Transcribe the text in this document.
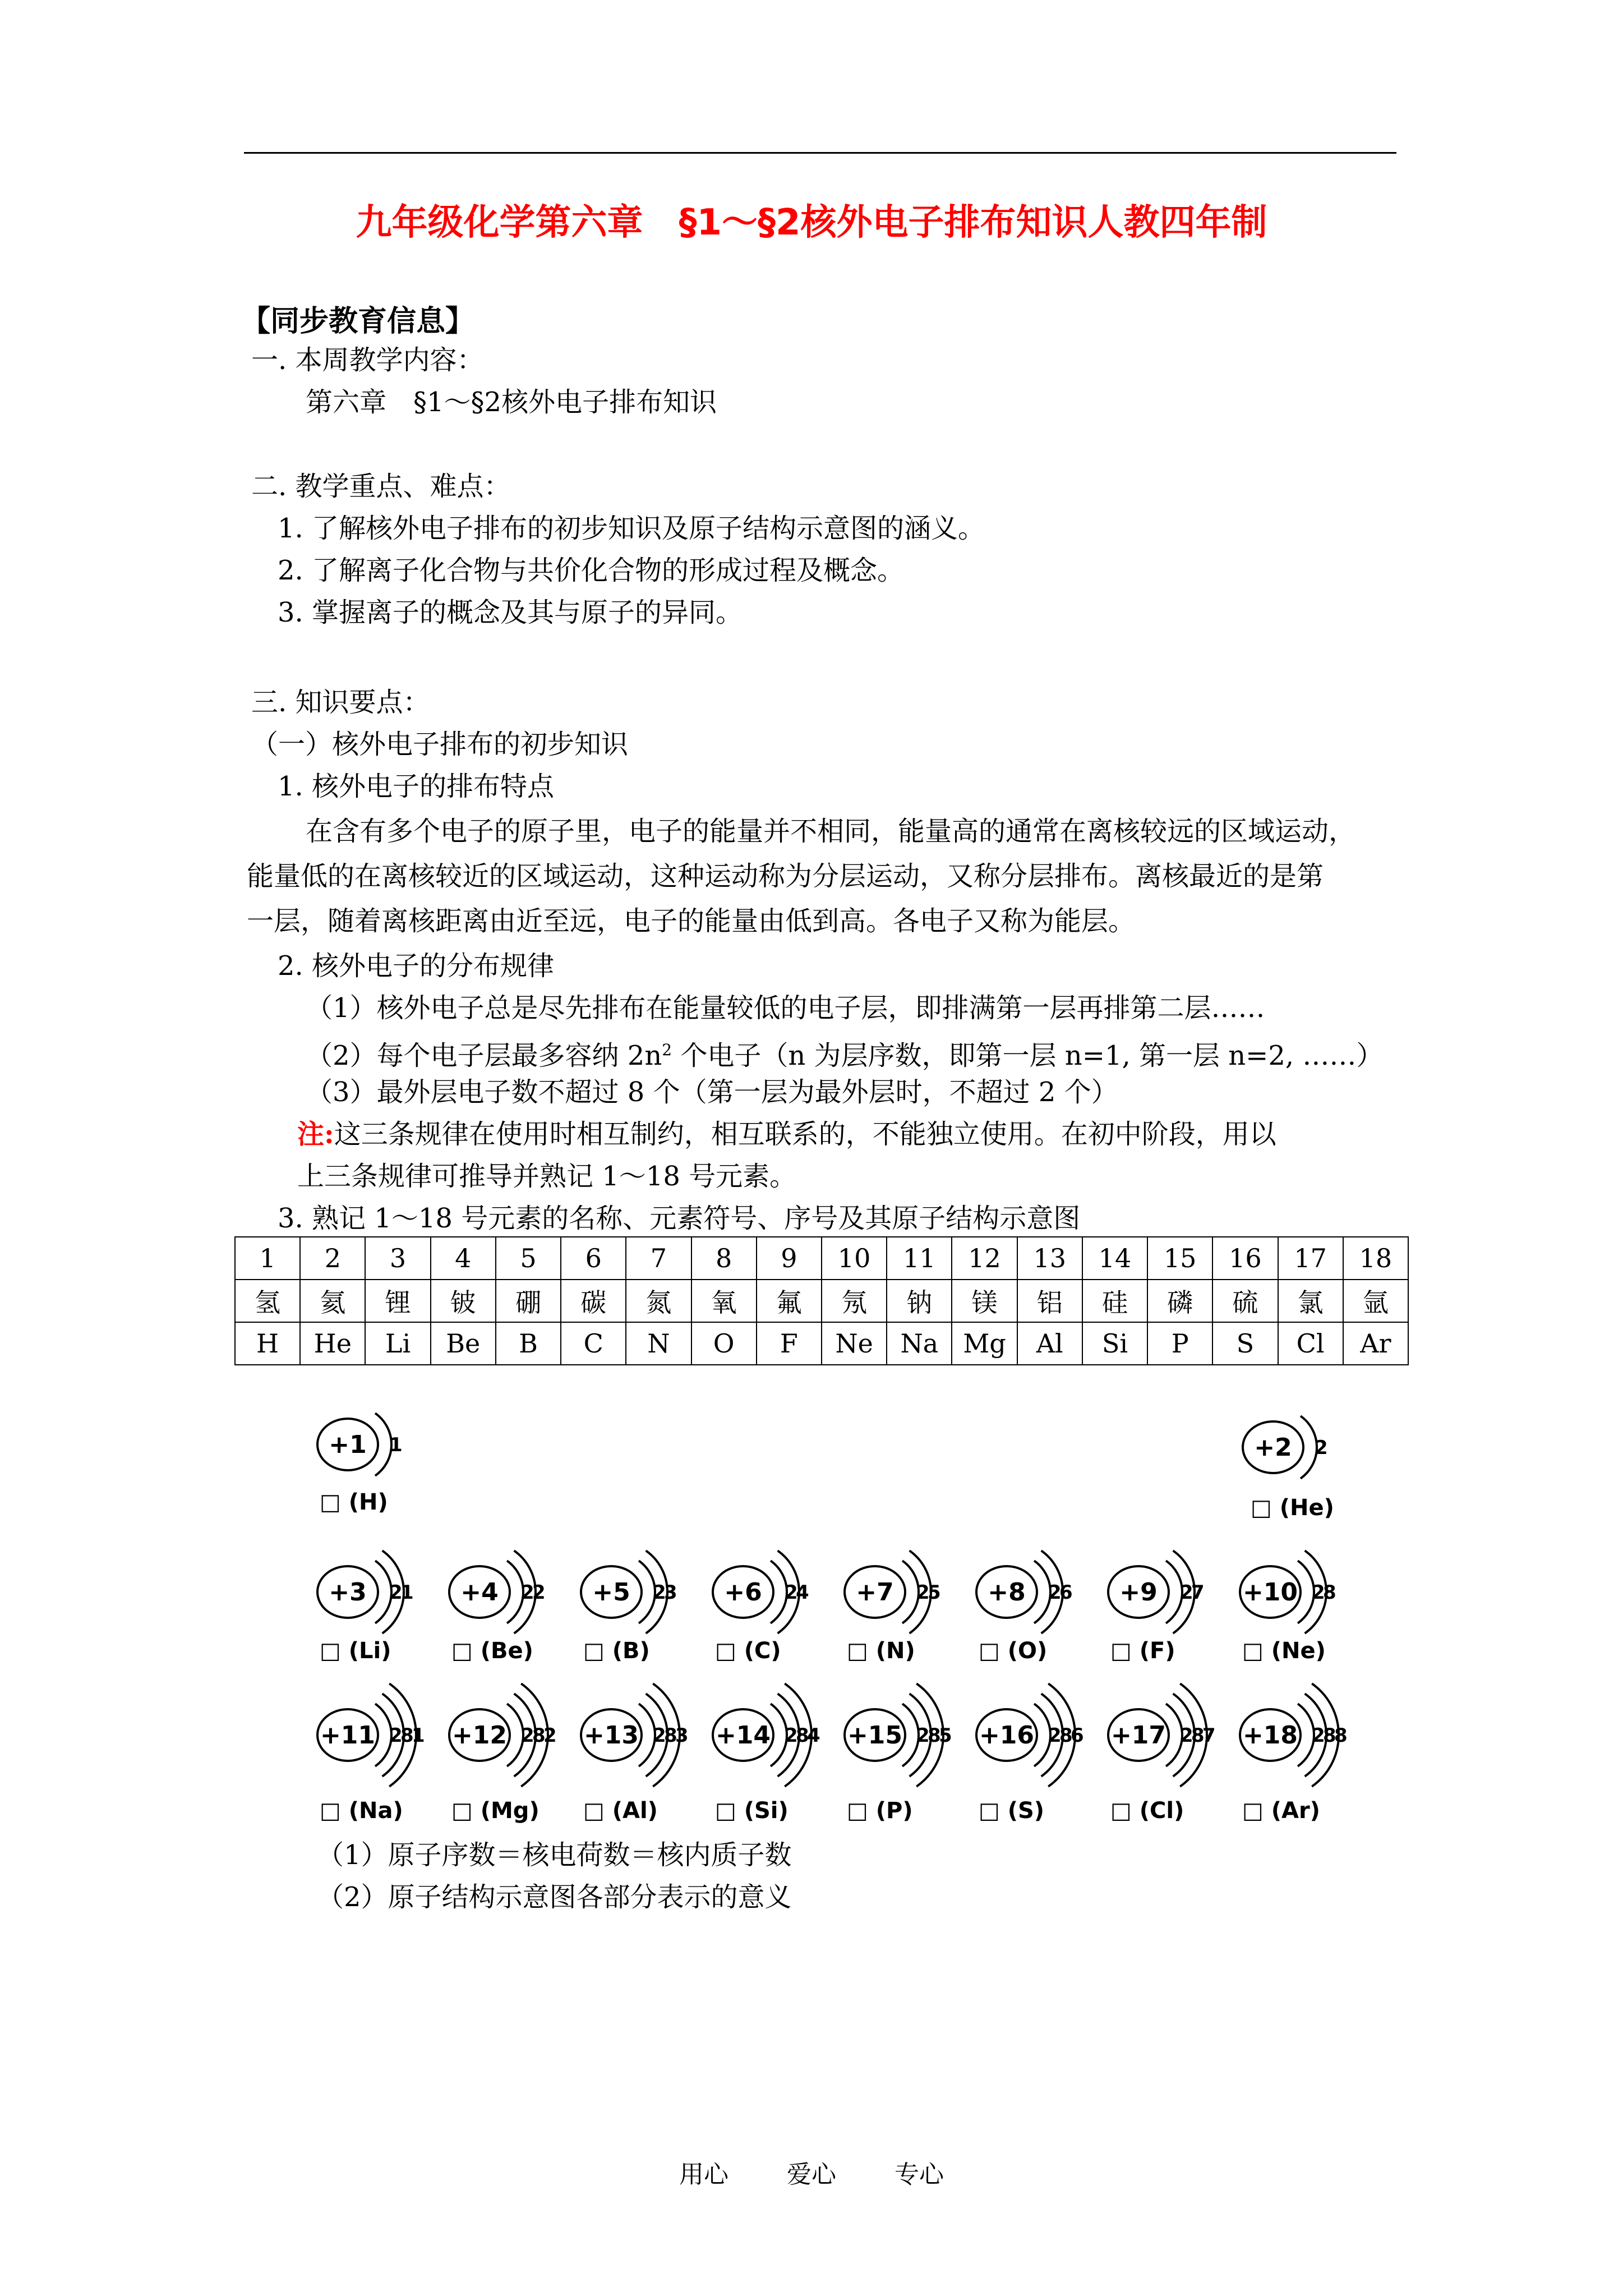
九年级化学第六章　§1～§2核外电子排布知识人教四年制
【同步教育信息】
一. 本周教学内容：
第六章　§1～§2核外电子排布知识
二. 教学重点、难点：
1. 了解核外电子排布的初步知识及原子结构示意图的涵义。
2. 了解离子化合物与共价化合物的形成过程及概念。
3. 掌握离子的概念及其与原子的异同。
三. 知识要点：
（一）核外电子排布的初步知识
1. 核外电子的排布特点
在含有多个电子的原子里，电子的能量并不相同，能量高的通常在离核较远的区域运动，
能量低的在离核较近的区域运动，这种运动称为分层运动，又称分层排布。离核最近的是第
一层，随着离核距离由近至远，电子的能量由低到高。各电子又称为能层。
2. 核外电子的分布规律
（1）核外电子总是尽先排布在能量较低的电子层，即排满第一层再排第二层……
（2）每个电子层最多容纳 $2n^2$ 个电子（n 为层序数，即第一层 n=1, 第一层 n=2, ……）
（3）最外层电子数不超过 8 个（第一层为最外层时，不超过 2 个）
注:这三条规律在使用时相互制约，相互联系的，不能独立使用。在初中阶段，用以
上三条规律可推导并熟记 1～18 号元素。
3. 熟记 1～18 号元素的名称、元素符号、序号及其原子结构示意图
1	2	3	4	5	6	7	8	9	10	11	12	13	14	15	16	17	18
氢	氦	锂	铍	硼	碳	氮	氧	氟	氖	钠	镁	铝	硅	磷	硫	氯	氩
H	He	Li	Be	B	C	N	O	F	Ne	Na	Mg	Al	Si	P	S	Cl	Ar
+1 1
□ (H)
+2 2
□ (He)
+3 2
1
□ (Li)
+4 2
2
□ (Be)
+5 2
3
□ (B)
+6 2
4
□ (C)
+7 2
5
□ (N)
+8 2
6
□ (O)
+9 2
7
□ (F)
+10 2
8
□ (Ne)
+11 2
8
1
□ (Na)
+12 2
8
2
□ (Mg)
+13 2
8
3
□ (Al)
+14 2
8
4
□ (Si)
+15 2
8
5
□ (P)
+16 2
8
6
□ (S)
+17 2
8
7
□ (Cl)
+18 2
8
8
□ (Ar)
（1）原子序数＝核电荷数＝核内质子数
（2）原子结构示意图各部分表示的意义
用心 爱心 专心
